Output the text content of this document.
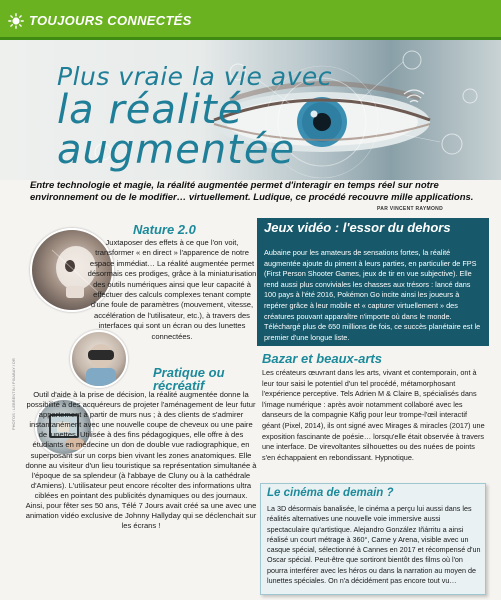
TOUJOURS CONNECTÉS
Plus vraie la vie avec
la réalité
augmentée
Entre technologie et magie, la réalité augmentée permet d'interagir en temps réel sur notre environnement ou de le modifier… virtuellement. Ludique, ce procédé recouvre mille applications.
PAR VINCENT RAYMOND
PHOTOS : LEBRENTIN / PIXABAY / DR
Nature 2.0
Juxtaposer des effets à ce que l'on voit, transformer « en direct » l'apparence de notre espace immédiat… La réalité augmentée permet désormais ces prodiges, grâce à la miniaturisation des outils numériques ainsi que leur capacité à effectuer des calculs complexes tenant compte d'une foule de paramètres (mouvement, vitesse, accélération de l'utilisateur, etc.), à travers des interfaces qui sont un écran ou des lunettes connectées.
Pratique ou récréatif
Outil d'aide à la prise de décision, la réalité augmentée donne la possibilité à des acquéreurs de projeter l'aménagement de leur futur appartement à partir de murs nus ; à des clients de s'admirer instantanément avec une nouvelle coupe de cheveux ou une paire de lunettes. Utilisée à des fins pédagogiques, elle offre à des étudiants en médecine un don de double vue radiographique, en superposant sur un corps bien vivant les zones anatomiques. Elle donne au visiteur d'un lieu touristique sa représentation simultanée à l'époque de sa splendeur (à l'abbaye de Cluny ou à la cathédrale d'Amiens). L'utilisateur peut encore récolter des informations ultra ciblées en pointant des publicités dynamiques ou des journaux. Ainsi, pour fêter ses 50 ans, Télé 7 Jours avait créé sa une avec une animation vidéo exclusive de Johnny Hallyday qui se déclenchait sur les écrans !
Jeux vidéo : l'essor du dehors
Aubaine pour les amateurs de sensations fortes, la réalité augmentée ajoute du piment à leurs parties, en particulier de FPS (First Person Shooter Games, jeux de tir en vue subjective). Elle rend aussi plus conviviales les chasses aux trésors : lancé dans 100 pays à l'été 2016, Pokémon Go incite ainsi les joueurs à repérer grâce à leur mobile et « capturer virtuellement » des créatures pouvant apparaître n'importe où dans le monde. Téléchargé plus de 650 millions de fois, ce succès planétaire est le premier d'une longue liste.
Bazar et beaux-arts
Les créateurs œuvrant dans les arts, vivant et contemporain, ont à leur tour saisi le potentiel d'un tel procédé, métamorphosant l'expérience perceptive. Tels Adrien M & Claire B, spécialisés dans l'image numérique : après avoir notamment collaboré avec les danseurs de la compagnie Käfig pour leur trompe-l'œil interactif géant (Pixel, 2014), ils ont signé avec Mirages & miracles (2017) une exposition fascinante de poésie… lorsqu'elle était observée à travers une interface. De virevoltantes silhouettes ou des nuées de points s'en échappaient en rebondissant. Hypnotique.
Le cinéma de demain ?
La 3D désormais banalisée, le cinéma a perçu lui aussi dans les réalités alternatives une nouvelle voie immersive aussi spectaculaire qu'artistique. Alejandro González Iñárritu a ainsi réalisé un court métrage à 360°, Carne y Arena, visible avec un casque spécial, sélectionné à Cannes en 2017 et récompensé d'un Oscar spécial. Peut-être que sortiront bientôt des films où l'on pourra interférer avec les héros ou dans la narration au moyen de lunettes spéciales. On n'a décidément pas encore tout vu…
